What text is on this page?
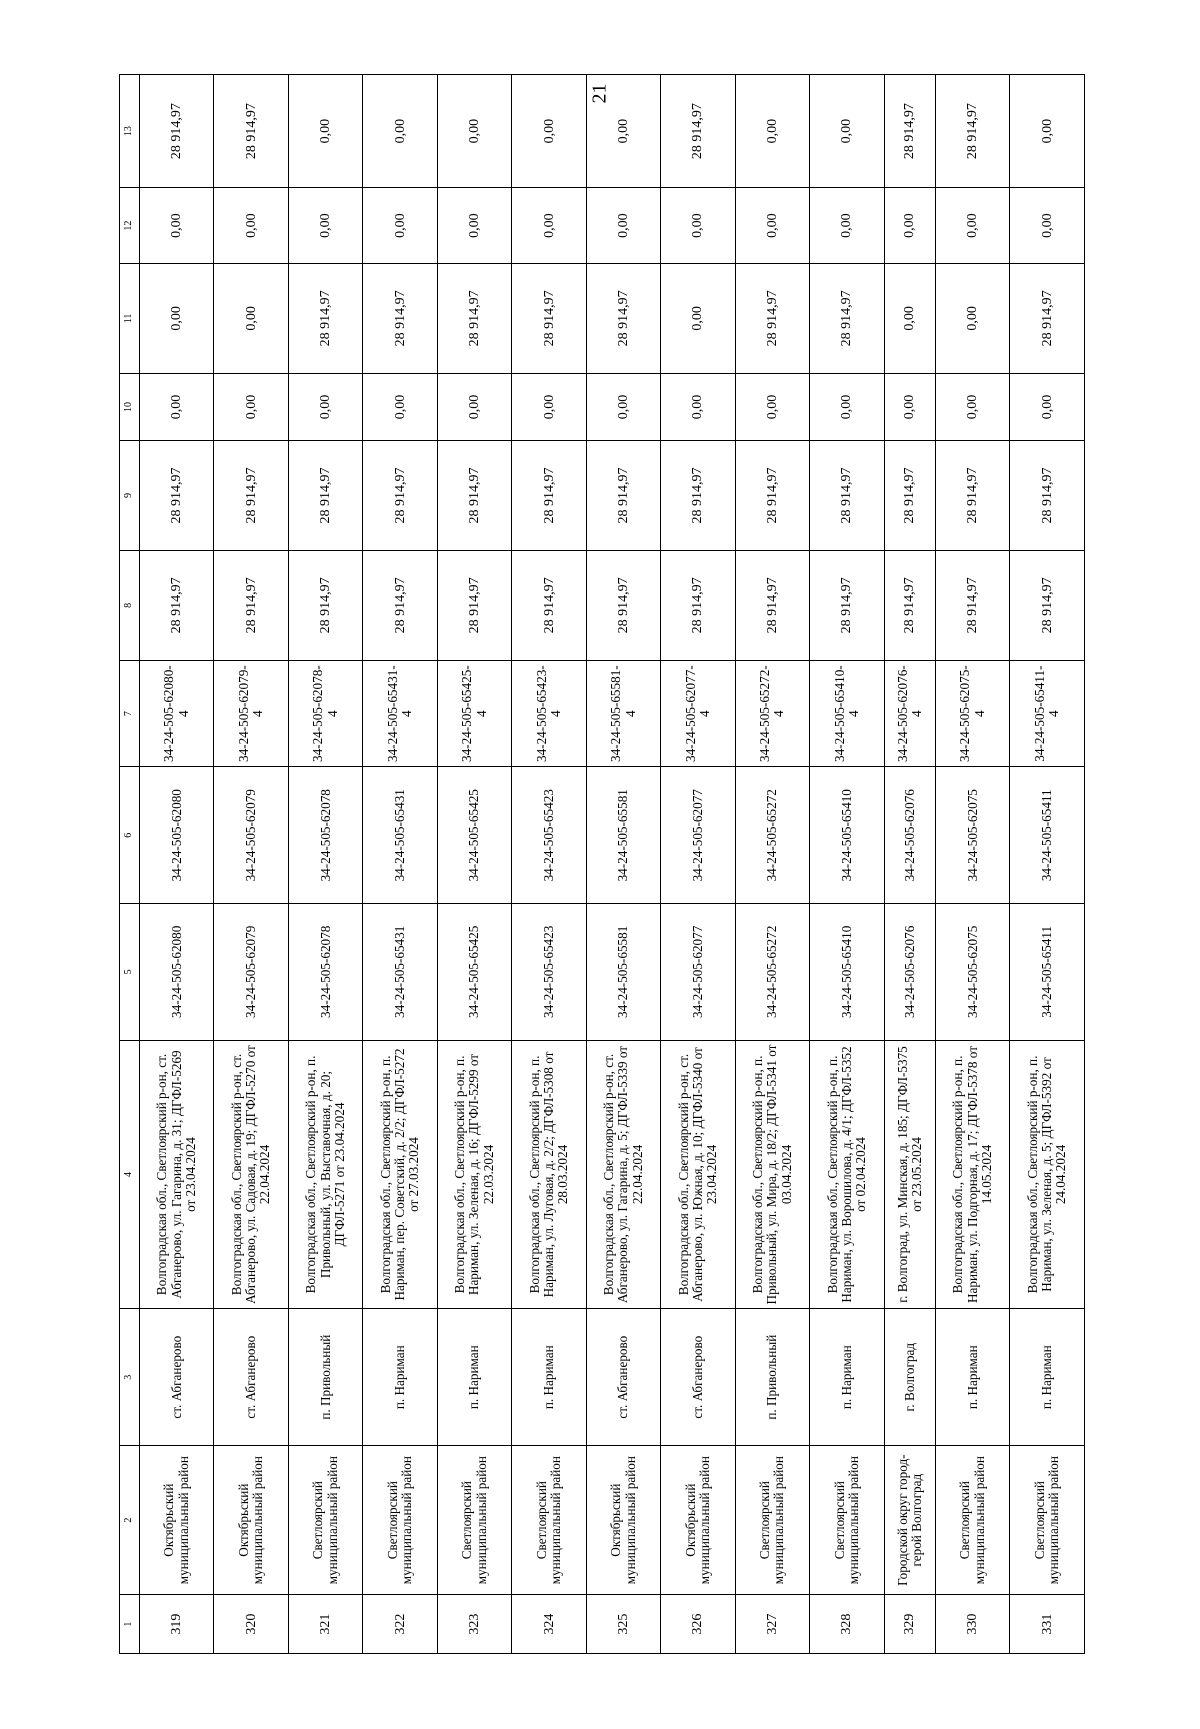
21
1	2	3	4	5	6	7	8	9	10	11	12	13
319	Октябрьский муниципальный район	ст. Абганерово	Волгоградская обл., Светлоярский р-он, ст. Абганерово, ул. Гагарина, д. 31; ДГФЛ-5269 от 23.04.2024	34-24-505-62080	34-24-505-62080	34-24-505-62080-4	28 914,97	28 914,97	0,00	0,00	0,00	28 914,97
320	Октябрьский муниципальный район	ст. Абганерово	Волгоградская обл., Светлоярский р-он, ст. Абганерово, ул. Садовая, д. 19; ДГФЛ-5270 от 22.04.2024	34-24-505-62079	34-24-505-62079	34-24-505-62079-4	28 914,97	28 914,97	0,00	0,00	0,00	28 914,97
321	Светлоярский муниципальный район	п. Привольный	Волгоградская обл., Светлоярский р-он, п. Привольный, ул. Выставочная, д. 20; ДГФЛ-5271 от 23.04.2024	34-24-505-62078	34-24-505-62078	34-24-505-62078-4	28 914,97	28 914,97	0,00	28 914,97	0,00	0,00
322	Светлоярский муниципальный район	п. Нариман	Волгоградская обл., Светлоярский р-он, п. Нариман, пер. Советский, д. 2/2; ДГФЛ-5272 от 27.03.2024	34-24-505-65431	34-24-505-65431	34-24-505-65431-4	28 914,97	28 914,97	0,00	28 914,97	0,00	0,00
323	Светлоярский муниципальный район	п. Нариман	Волгоградская обл., Светлоярский р-он, п. Нариман, ул. Зеленая, д. 16; ДГФЛ-5299 от 22.03.2024	34-24-505-65425	34-24-505-65425	34-24-505-65425-4	28 914,97	28 914,97	0,00	28 914,97	0,00	0,00
324	Светлоярский муниципальный район	п. Нариман	Волгоградская обл., Светлоярский р-он, п. Нариман, ул. Луговая, д. 2/2; ДГФЛ-5308 от 28.03.2024	34-24-505-65423	34-24-505-65423	34-24-505-65423-4	28 914,97	28 914,97	0,00	28 914,97	0,00	0,00
325	Октябрьский муниципальный район	ст. Абганерово	Волгоградская обл., Светлоярский р-он, ст. Абганерово, ул. Гагарина, д. 5; ДГФЛ-5339 от 22.04.2024	34-24-505-65581	34-24-505-65581	34-24-505-65581-4	28 914,97	28 914,97	0,00	28 914,97	0,00	0,00
326	Октябрьский муниципальный район	ст. Абганерово	Волгоградская обл., Светлоярский р-он, ст. Абганерово, ул. Южная, д. 10; ДГФЛ-5340 от 23.04.2024	34-24-505-62077	34-24-505-62077	34-24-505-62077-4	28 914,97	28 914,97	0,00	0,00	0,00	28 914,97
327	Светлоярский муниципальный район	п. Привольный	Волгоградская обл., Светлоярский р-он, п. Привольный, ул. Мира, д. 18/2; ДГФЛ-5341 от 03.04.2024	34-24-505-65272	34-24-505-65272	34-24-505-65272-4	28 914,97	28 914,97	0,00	28 914,97	0,00	0,00
328	Светлоярский муниципальный район	п. Нариман	Волгоградская обл., Светлоярский р-он, п. Нариман, ул. Ворошилова, д. 4/1; ДГФЛ-5352 от 02.04.2024	34-24-505-65410	34-24-505-65410	34-24-505-65410-4	28 914,97	28 914,97	0,00	28 914,97	0,00	0,00
329	Городской округ город-герой Волгоград	г. Волгоград	г. Волгоград, ул. Минская, д. 185; ДГФЛ-5375 от 23.05.2024	34-24-505-62076	34-24-505-62076	34-24-505-62076-4	28 914,97	28 914,97	0,00	0,00	0,00	28 914,97
330	Светлоярский муниципальный район	п. Нариман	Волгоградская обл., Светлоярский р-он, п. Нариман, ул. Подгорная, д. 17; ДГФЛ-5378 от 14.05.2024	34-24-505-62075	34-24-505-62075	34-24-505-62075-4	28 914,97	28 914,97	0,00	0,00	0,00	28 914,97
331	Светлоярский муниципальный район	п. Нариман	Волгоградская обл., Светлоярский р-он, п. Нариман, ул. Зеленая, д. 5; ДГФЛ-5392 от 24.04.2024	34-24-505-65411	34-24-505-65411	34-24-505-65411-4	28 914,97	28 914,97	0,00	28 914,97	0,00	0,00
